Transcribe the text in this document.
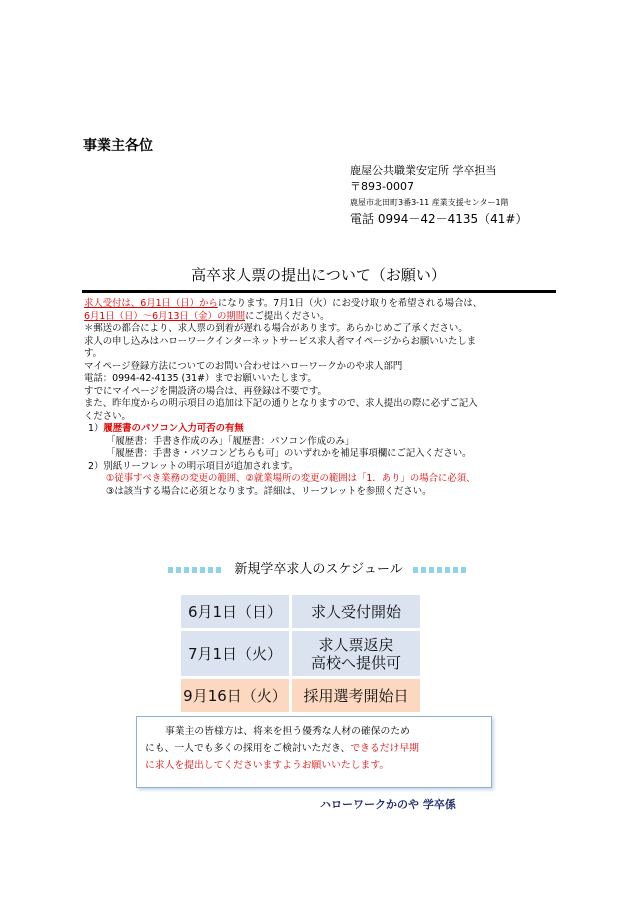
事業主各位
鹿屋公共職業安定所 学卒担当
〒893-0007
鹿屋市北田町3番3-11 産業支援センター1階
電話 0994－42－4135（41#）
高卒求人票の提出について（お願い）

求人受付は、6月1日（日）からになります。7月1日（火）にお受け取りを希望される場合は、

6月1日（日）～6月13日（金）の期間にご提出ください。

＊郵送の都合により、求人票の到着が遅れる場合があります。あらかじめご了承ください。

求人の申し込みはハローワークインターネットサービス求人者マイページからお願いいたしま

す。

マイページ登録方法についてのお問い合わせはハローワークかのや求人部門

電話：0994-42-4135 (31#）までお願いいたします。

すでにマイページを開設済の場合は、再登録は不要です。

また、昨年度からの明示項目の追加は下記の通りとなりますので、求人提出の際に必ずご記入

ください。

1）履歴書のパソコン入力可否の有無

「履歴書：手書き作成のみ」「履歴書：パソコン作成のみ」

「履歴書：手書き・パソコンどちらも可」のいずれかを補足事項欄にご記入ください。

2）別紙リーフレットの明示項目が追加されます。

①従事すべき業務の変更の範囲、②就業場所の変更の範囲は「1．あり」の場合に必須、

③は該当する場合に必須となります。詳細は、リーフレットを参照ください。

新規学卒求人のスケジュール
6月1日（日）	求人受付開始
7月1日（火）	求人票返戻
高校へ提供可
9月16日（火）	採用選考開始日
事業主の皆様方は、将来を担う優秀な人材の確保のため
にも、一人でも多くの採用をご検討いただき、できるだけ早期
に求人を提出してくださいますようお願いいたします。
ハローワークかのや 学卒係
